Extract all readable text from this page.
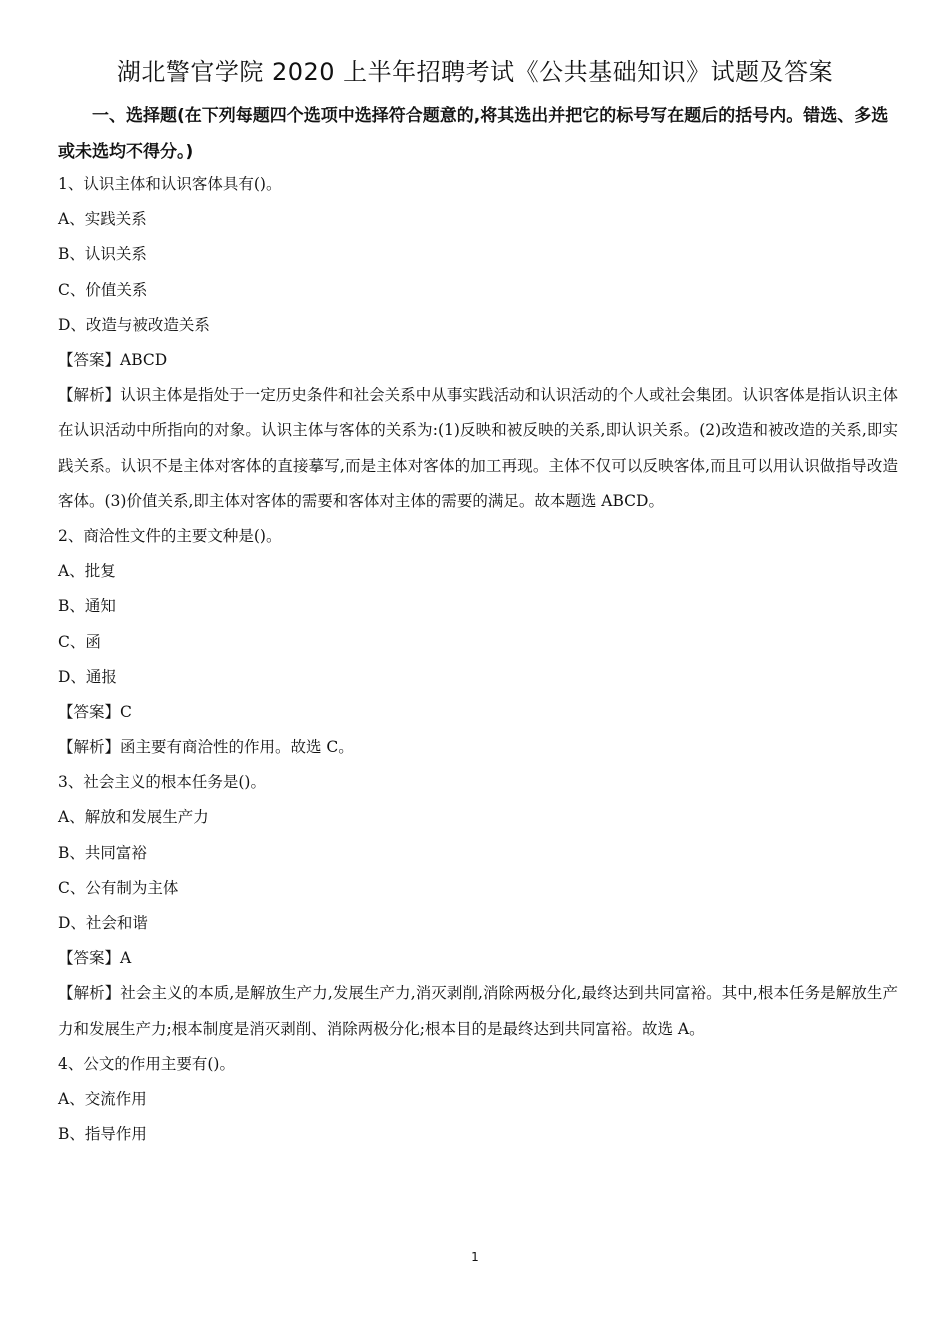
湖北警官学院 2020 上半年招聘考试《公共基础知识》试题及答案
一、选择题(在下列每题四个选项中选择符合题意的,将其选出并把它的标号写在题后的括号内。错选、多选或未选均不得分。)
1、认识主体和认识客体具有()。
A、实践关系
B、认识关系
C、价值关系
D、改造与被改造关系
【答案】ABCD
【解析】认识主体是指处于一定历史条件和社会关系中从事实践活动和认识活动的个人或社会集团。认识客体是指认识主体在认识活动中所指向的对象。认识主体与客体的关系为:(1)反映和被反映的关系,即认识关系。(2)改造和被改造的关系,即实践关系。认识不是主体对客体的直接摹写,而是主体对客体的加工再现。主体不仅可以反映客体,而且可以用认识做指导改造客体。(3)价值关系,即主体对客体的需要和客体对主体的需要的满足。故本题选 ABCD。
2、商洽性文件的主要文种是()。
A、批复
B、通知
C、函
D、通报
【答案】C
【解析】函主要有商洽性的作用。故选 C。
3、社会主义的根本任务是()。
A、解放和发展生产力
B、共同富裕
C、公有制为主体
D、社会和谐
【答案】A
【解析】社会主义的本质,是解放生产力,发展生产力,消灭剥削,消除两极分化,最终达到共同富裕。其中,根本任务是解放生产力和发展生产力;根本制度是消灭剥削、消除两极分化;根本目的是最终达到共同富裕。故选 A。
4、公文的作用主要有()。
A、交流作用
B、指导作用
1
